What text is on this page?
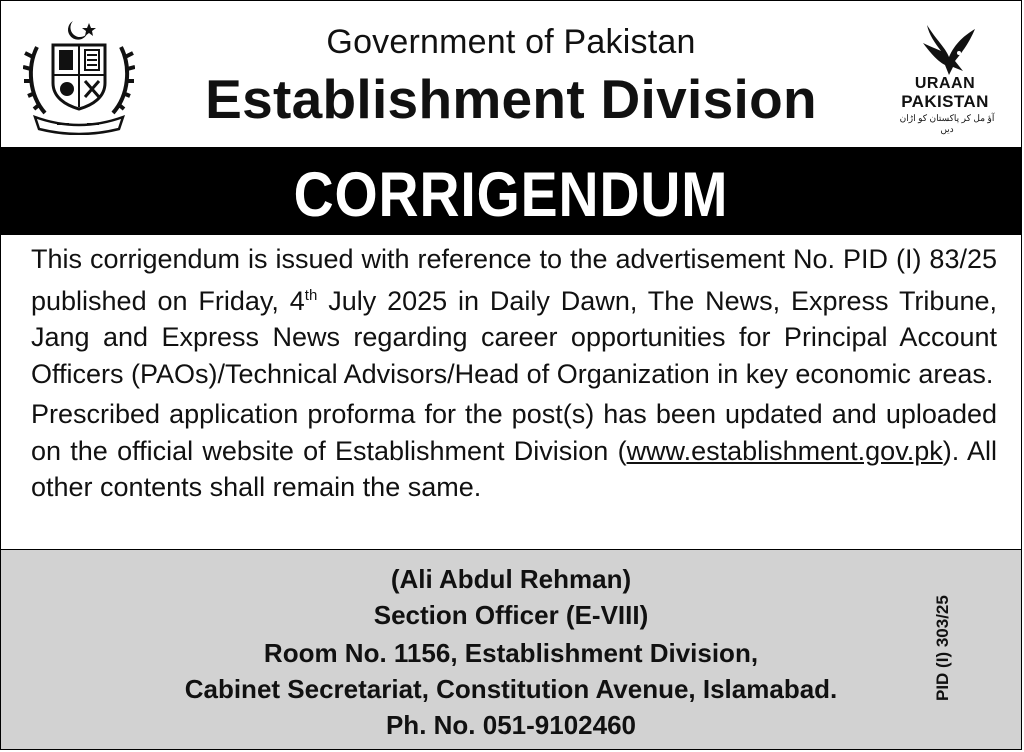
Government of Pakistan
Establishment Division	URAAN
PAKISTAN
آؤ مل کر پاکستان کو اڑان دیں
CORRIGENDUM

This corrigendum is issued with reference to the advertisement No. PID (I) 83/25 published on Friday, 4th July 2025 in Daily Dawn, The News, Express Tribune, Jang and Express News regarding career opportunities for Principal Account Officers (PAOs)/Technical Advisors/Head of Organization in key economic areas.

Prescribed application proforma for the post(s) has been updated and uploaded on the official website of Establishment Division (www.establishment.gov.pk). All other contents shall remain the same.

(Ali Abdul Rehman)
Section Officer (E-VIII)
Room No. 1156, Establishment Division,
Cabinet Secretariat, Constitution Avenue, Islamabad.
Ph. No. 051-9102460
PID (I) 303/25
